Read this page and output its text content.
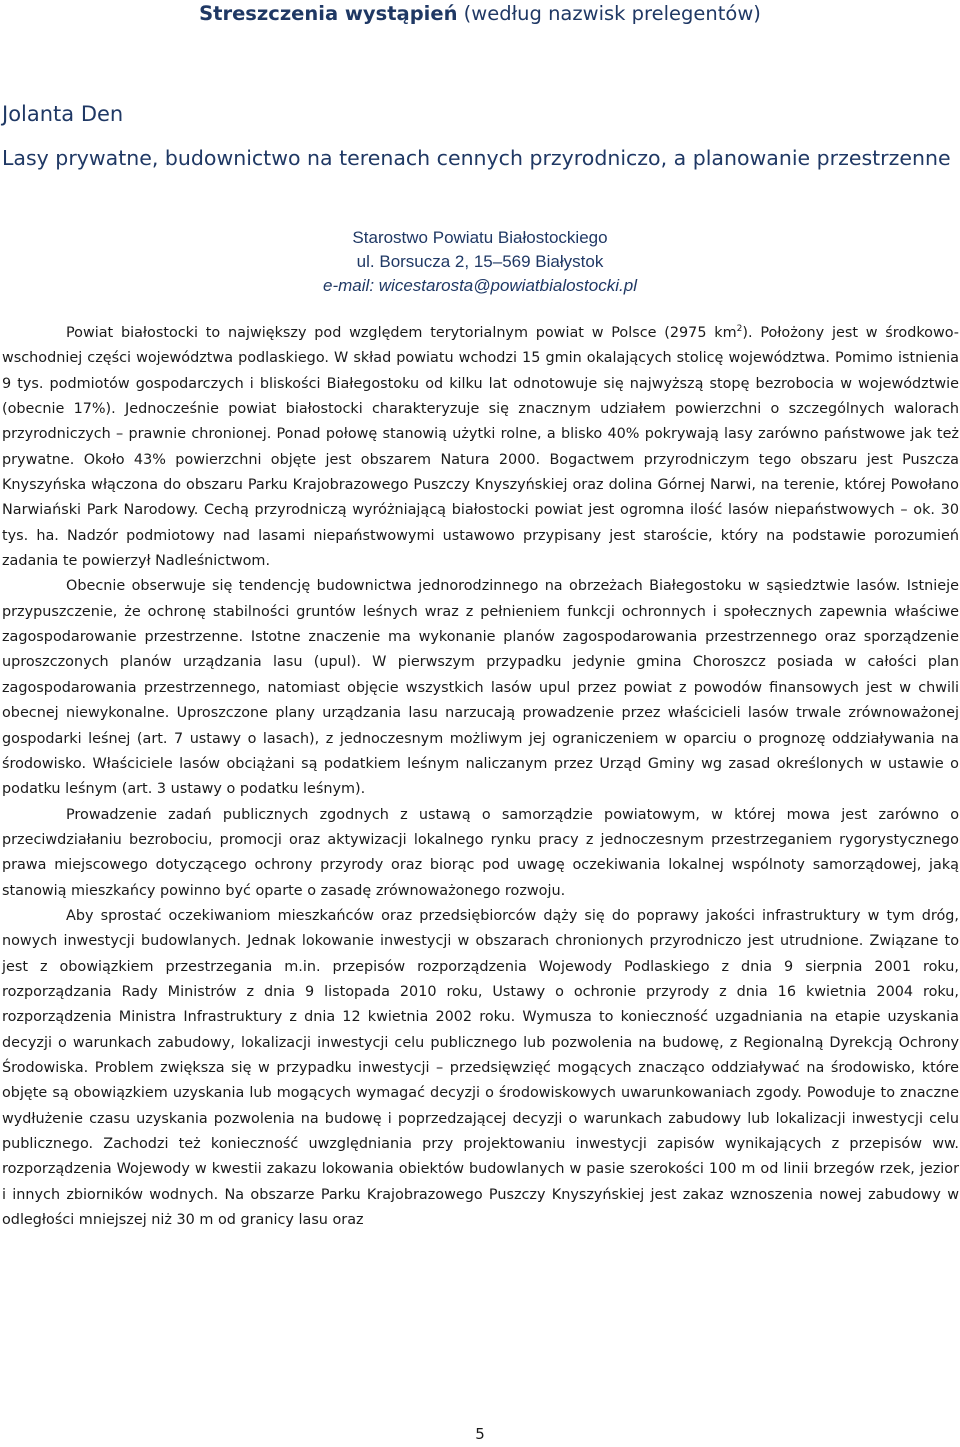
Streszczenia wystąpień (według nazwisk prelegentów)
Jolanta Den
Lasy prywatne, budownictwo na terenach cennych przyrodniczo, a planowanie przestrzenne
Starostwo Powiatu Białostockiego
ul. Borsucza 2, 15–569 Białystok
e-mail: wicestarosta@powiatbialostocki.pl

Powiat białostocki to największy pod względem terytorialnym powiat w Polsce (2975 $km^2$). Położony jest w środkowo-wschodniej części województwa podlaskiego. W skład powiatu wchodzi 15 gmin okalających stolicę województwa. Pomimo istnienia 9 tys. podmiotów gospodarczych i bliskości Białegostoku od kilku lat odnotowuje się najwyższą stopę bezrobocia w województwie (obecnie 17%). Jednocześnie powiat białostocki charakteryzuje się znacznym udziałem powierzchni o szczególnych walorach przyrodniczych – prawnie chronionej. Ponad połowę stanowią użytki rolne, a blisko 40% pokrywają lasy zarówno państwowe jak też prywatne. Około 43% powierzchni objęte jest obszarem Natura 2000. Bogactwem przyrodniczym tego obszaru jest Puszcza Knyszyńska włączona do obszaru Parku Krajobrazowego Puszczy Knyszyńskiej oraz dolina Górnej Narwi, na terenie, której Powołano Narwiański Park Narodowy. Cechą przyrodniczą wyróżniającą białostocki powiat jest ogromna ilość lasów niepaństwowych – ok. 30 tys. ha. Nadzór podmiotowy nad lasami niepaństwowymi ustawowo przypisany jest staroście, który na podstawie porozumień zadania te powierzył Nadleśnictwom.

Obecnie obserwuje się tendencję budownictwa jednorodzinnego na obrzeżach Białegostoku w sąsiedztwie lasów. Istnieje przypuszczenie, że ochronę stabilności gruntów leśnych wraz z pełnieniem funkcji ochronnych i społecznych zapewnia właściwe zagospodarowanie przestrzenne. Istotne znaczenie ma wykonanie planów zagospodarowania przestrzennego oraz sporządzenie uproszczonych planów urządzania lasu (upul). W pierwszym przypadku jedynie gmina Choroszcz posiada w całości plan zagospodarowania przestrzennego, natomiast objęcie wszystkich lasów upul przez powiat z powodów finansowych jest w chwili obecnej niewykonalne. Uproszczone plany urządzania lasu narzucają prowadzenie przez właścicieli lasów trwale zrównoważonej gospodarki leśnej (art. 7 ustawy o lasach), z jednoczesnym możliwym jej ograniczeniem w oparciu o prognozę oddziaływania na środowisko. Właściciele lasów obciążani są podatkiem leśnym naliczanym przez Urząd Gminy wg zasad określonych w ustawie o podatku leśnym (art. 3 ustawy o podatku leśnym).

Prowadzenie zadań publicznych zgodnych z ustawą o samorządzie powiatowym, w której mowa jest zarówno o przeciwdziałaniu bezrobociu, promocji oraz aktywizacji lokalnego rynku pracy z jednoczesnym przestrzeganiem rygorystycznego prawa miejscowego dotyczącego ochrony przyrody oraz biorąc pod uwagę oczekiwania lokalnej wspólnoty samorządowej, jaką stanowią mieszkańcy powinno być oparte o zasadę zrównoważonego rozwoju.

Aby sprostać oczekiwaniom mieszkańców oraz przedsiębiorców dąży się do poprawy jakości infrastruktury w tym dróg, nowych inwestycji budowlanych. Jednak lokowanie inwestycji w obszarach chronionych przyrodniczo jest utrudnione. Związane to jest z obowiązkiem przestrzegania m.in. przepisów rozporządzenia Wojewody Podlaskiego z dnia 9 sierpnia 2001 roku, rozporządzania Rady Ministrów z dnia 9 listopada 2010 roku, Ustawy o ochronie przyrody z dnia 16 kwietnia 2004 roku, rozporządzenia Ministra Infrastruktury z dnia 12 kwietnia 2002 roku. Wymusza to konieczność uzgadniania na etapie uzyskania decyzji o warunkach zabudowy, lokalizacji inwestycji celu publicznego lub pozwolenia na budowę, z Regionalną Dyrekcją Ochrony Środowiska. Problem zwiększa się w przypadku inwestycji – przedsięwzięć mogących znacząco oddziaływać na środowisko, które objęte są obowiązkiem uzyskania lub mogących wymagać decyzji o środowiskowych uwarunkowaniach zgody. Powoduje to znaczne wydłużenie czasu uzyskania pozwolenia na budowę i poprzedzającej decyzji o warunkach zabudowy lub lokalizacji inwestycji celu publicznego. Zachodzi też konieczność uwzględniania przy projektowaniu inwestycji zapisów wynikających z przepisów ww. rozporządzenia Wojewody w kwestii zakazu lokowania obiektów budowlanych w pasie szerokości 100 m od linii brzegów rzek, jezior i innych zbiorników wodnych. Na obszarze Parku Krajobrazowego Puszczy Knyszyńskiej jest zakaz wznoszenia nowej zabudowy w odległości mniejszej niż 30 m od granicy lasu oraz

5
